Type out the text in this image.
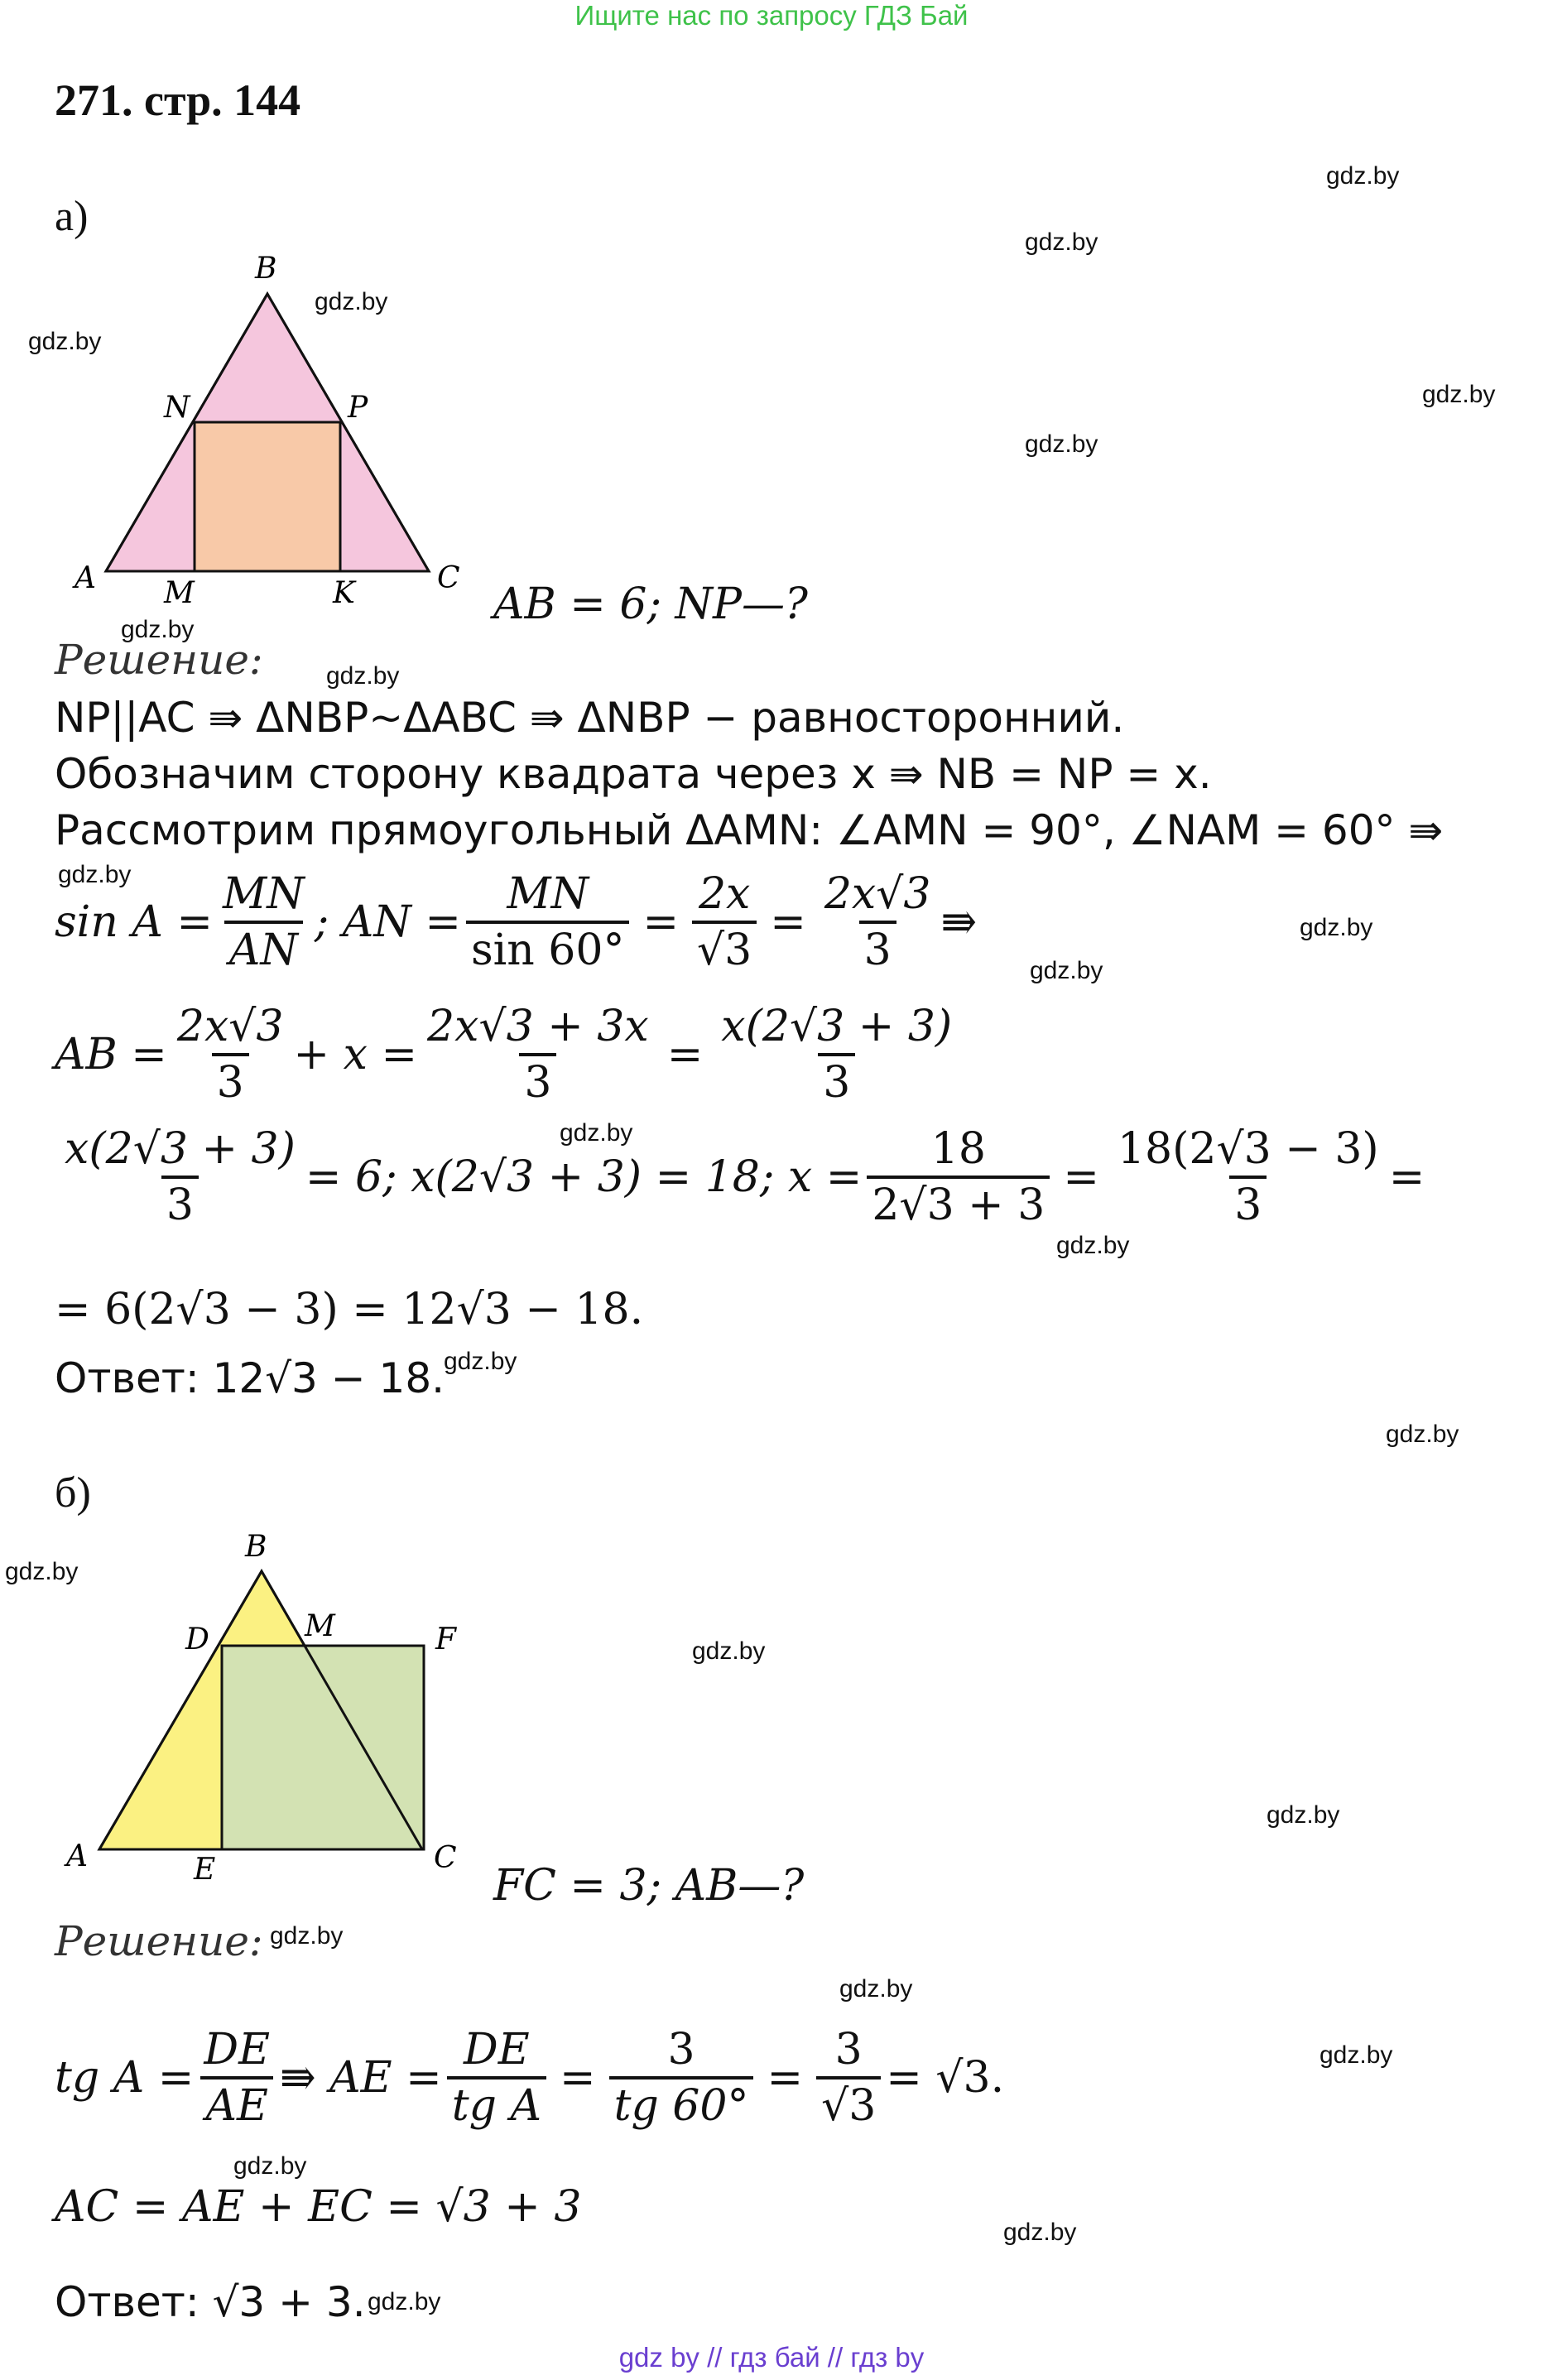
Ищите нас по запросу ГДЗ Бай
271. стр. 144
gdz.by
gdz.by
gdz.by
gdz.by
gdz.by
gdz.by
gdz.by
gdz.by
gdz.by
gdz.by
gdz.by
gdz.by
gdz.by
gdz.by
gdz.by
gdz.by
gdz.by
gdz.by
gdz.by
gdz.by
gdz.by
gdz.by
gdz.by
gdz.by
а)
B
N	P
A M	K	C
AB = 6; NP—?
Решение:
NP||AC ⇛ ΔNBP~ΔABC ⇛ ΔNBP − равносторонний.
Обозначим сторону квадрата через x ⇛ NB = NP = x.
Рассмотрим прямоугольный ΔAMN: ∠AMN = 90°, ∠NAM = 60° ⇛
$\sin A = \frac{MN}{AN}$ ; AN = $\frac{MN}{\sin 60^\circ} = \frac{2x}{√3} = \frac{2x√3}{3}$ ⇛
AB = $\frac{2x√3}{3} + x = \frac{2x√3 + 3x}{3} = \frac{x(2√3 + 3)}{3}$
$\frac{x(2√3 + 3)}{3} = 6$; x(2√3 + 3) = 18; $x = \frac{18}{2√3 + 3} = \frac{18(2√3 - 3)}{3}$ =
= 6(2√3 − 3) = 12√3 − 18.
Ответ: 12√3 − 18.
б)
B
D	M	F
A	E	C
FC = 3; AB—?
Решение:
tg $A = \frac{DE}{AE}$ ⇛ AE = $\frac{DE}{\text{tg A}} = \frac{3}{tg 60^\circ} = \frac{3}{√3} = √3$.
AC = AE + EC = √3 + 3
Ответ: √3 + 3.
gdz by // гдз бай // гдз by
